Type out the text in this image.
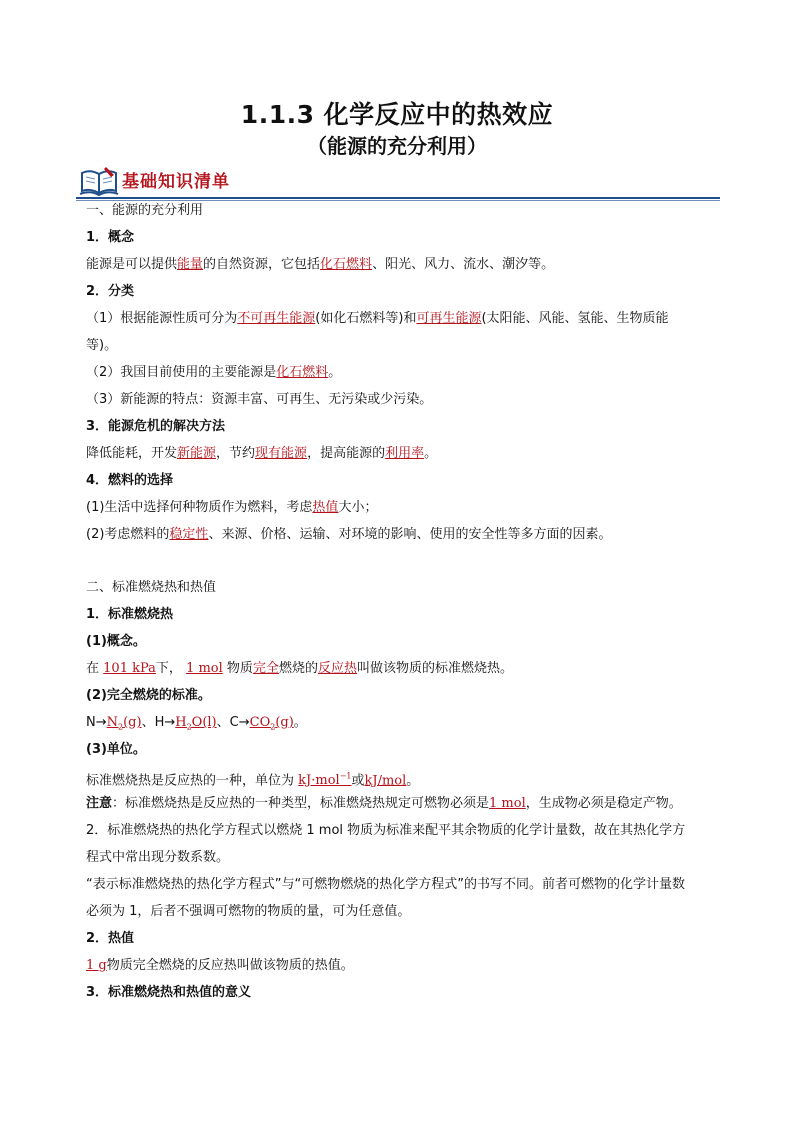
1.1.3 化学反应中的热效应
（能源的充分利用）
基础知识清单
一、能源的充分利用
1．概念
能源是可以提供能量的自然资源，它包括化石燃料、阳光、风力、流水、潮汐等。
2．分类
（1）根据能源性质可分为不可再生能源(如化石燃料等)和可再生能源(太阳能、风能、氢能、生物质能
等)。
（2）我国目前使用的主要能源是化石燃料。
（3）新能源的特点：资源丰富、可再生、无污染或少污染。
3．能源危机的解决方法
降低能耗，开发新能源，节约现有能源，提高能源的利用率。
4．燃料的选择
(1)生活中选择何种物质作为燃料，考虑热值大小；
(2)考虑燃料的稳定性、来源、价格、运输、对环境的影响、使用的安全性等多方面的因素。
二、标准燃烧热和热值
1．标准燃烧热
(1)概念。
在 101 kPa下， 1 mol 物质完全燃烧的反应热叫做该物质的标准燃烧热。
(2)完全燃烧的标准。
$N\to N_2(g)$、$H\to H_2O(l)$、$C\to CO_2(g)$。
(3)单位。
标准燃烧热是反应热的一种，单位为 kJ·mol$^{-1}$或kJ/mol。
注意：标准燃烧热是反应热的一种类型，标准燃烧热规定可燃物必须是1 mol，生成物必须是稳定产物。
2．标准燃烧热的热化学方程式以燃烧 1 mol 物质为标准来配平其余物质的化学计量数，故在其热化学方
程式中常出现分数系数。
“表示标准燃烧热的热化学方程式”与“可燃物燃烧的热化学方程式”的书写不同。前者可燃物的化学计量数
必须为 1，后者不强调可燃物的物质的量，可为任意值。
2．热值
1 g物质完全燃烧的反应热叫做该物质的热值。
3．标准燃烧热和热值的意义
